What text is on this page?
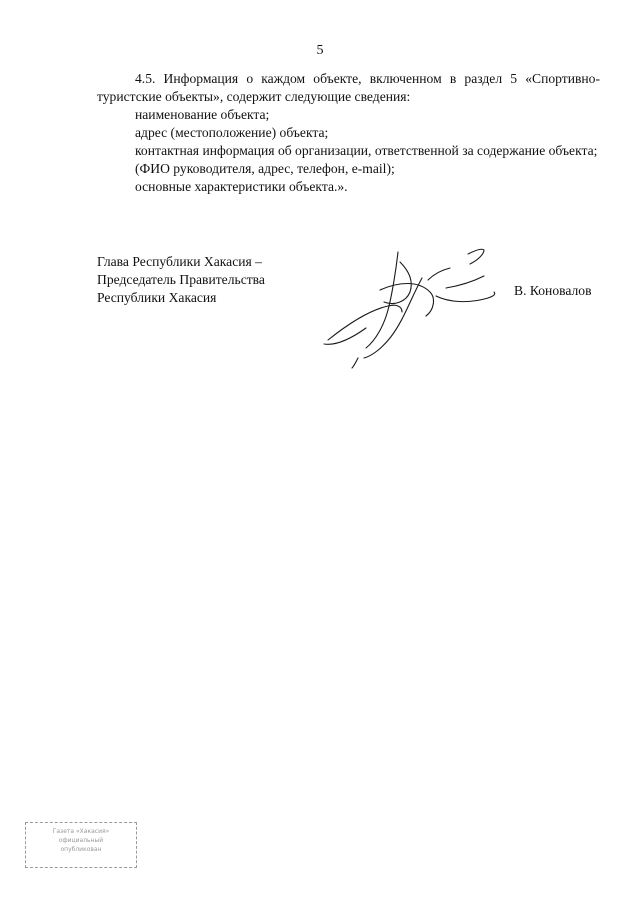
5

4.5. Информация о каждом объекте, включенном в раздел 5 «Спортивно-туристские объекты», содержит следующие сведения:

наименование объекта;

адрес (местоположение) объекта;

контактная информация об организации, ответственной за содержание объекта;

(ФИО руководителя, адрес, телефон, e-mail);

основные характеристики объекта.».

Глава Республики Хакасия –
Председатель Правительства
Республики Хакасия	В. Коновалов
Газета «Хакасия»
официальный
опубликован
